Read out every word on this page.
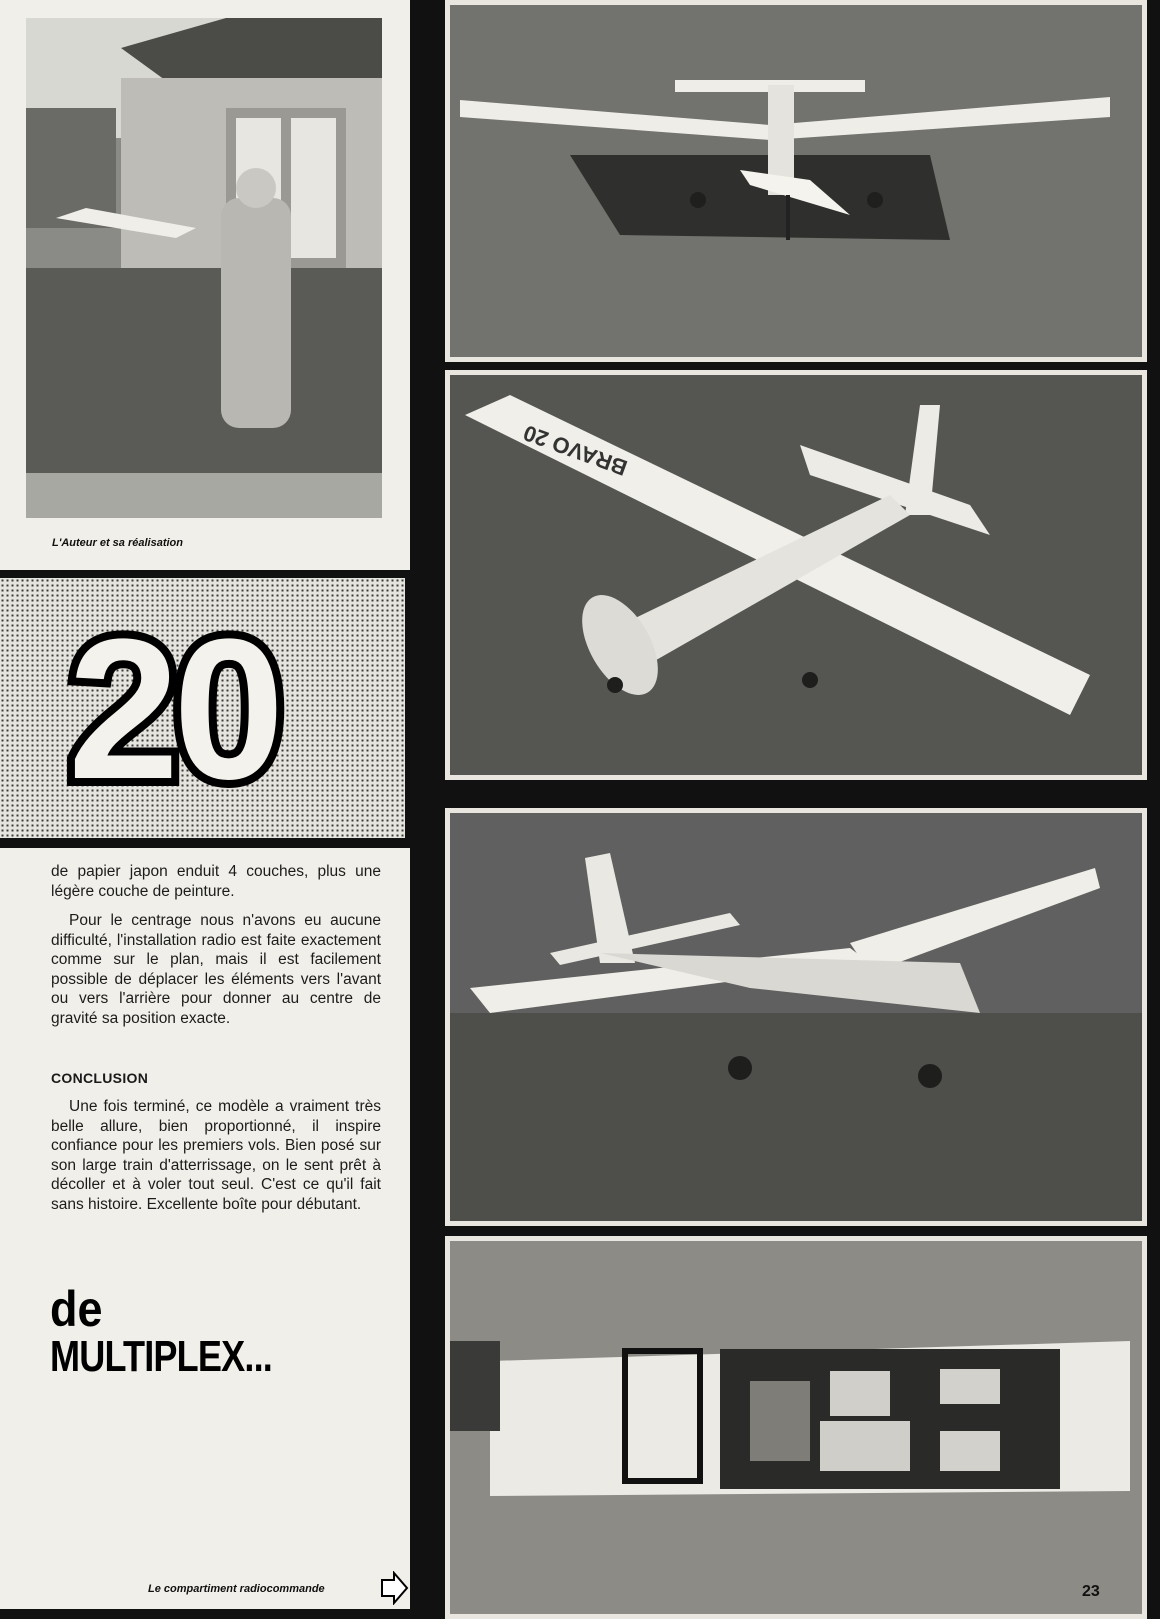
L'Auteur et sa réalisation
20

de papier japon enduit 4 couches, plus une légère couche de peinture.

Pour le centrage nous n'avons eu aucune difficulté, l'installation radio est faite exactement comme sur le plan, mais il est facilement possible de déplacer les éléments vers l'avant ou vers l'arrière pour donner au centre de gravité sa position exacte.

CONCLUSION

Une fois terminé, ce modèle a vraiment très belle allure, bien proportionné, il inspire confiance pour les premiers vols. Bien posé sur son large train d'atterrissage, on le sent prêt à décoller et à voler tout seul. C'est ce qu'il fait sans histoire. Excellente boîte pour débutant.

de
MULTIPLEX...
Le compartiment radiocommande
BRAVO 20
23
